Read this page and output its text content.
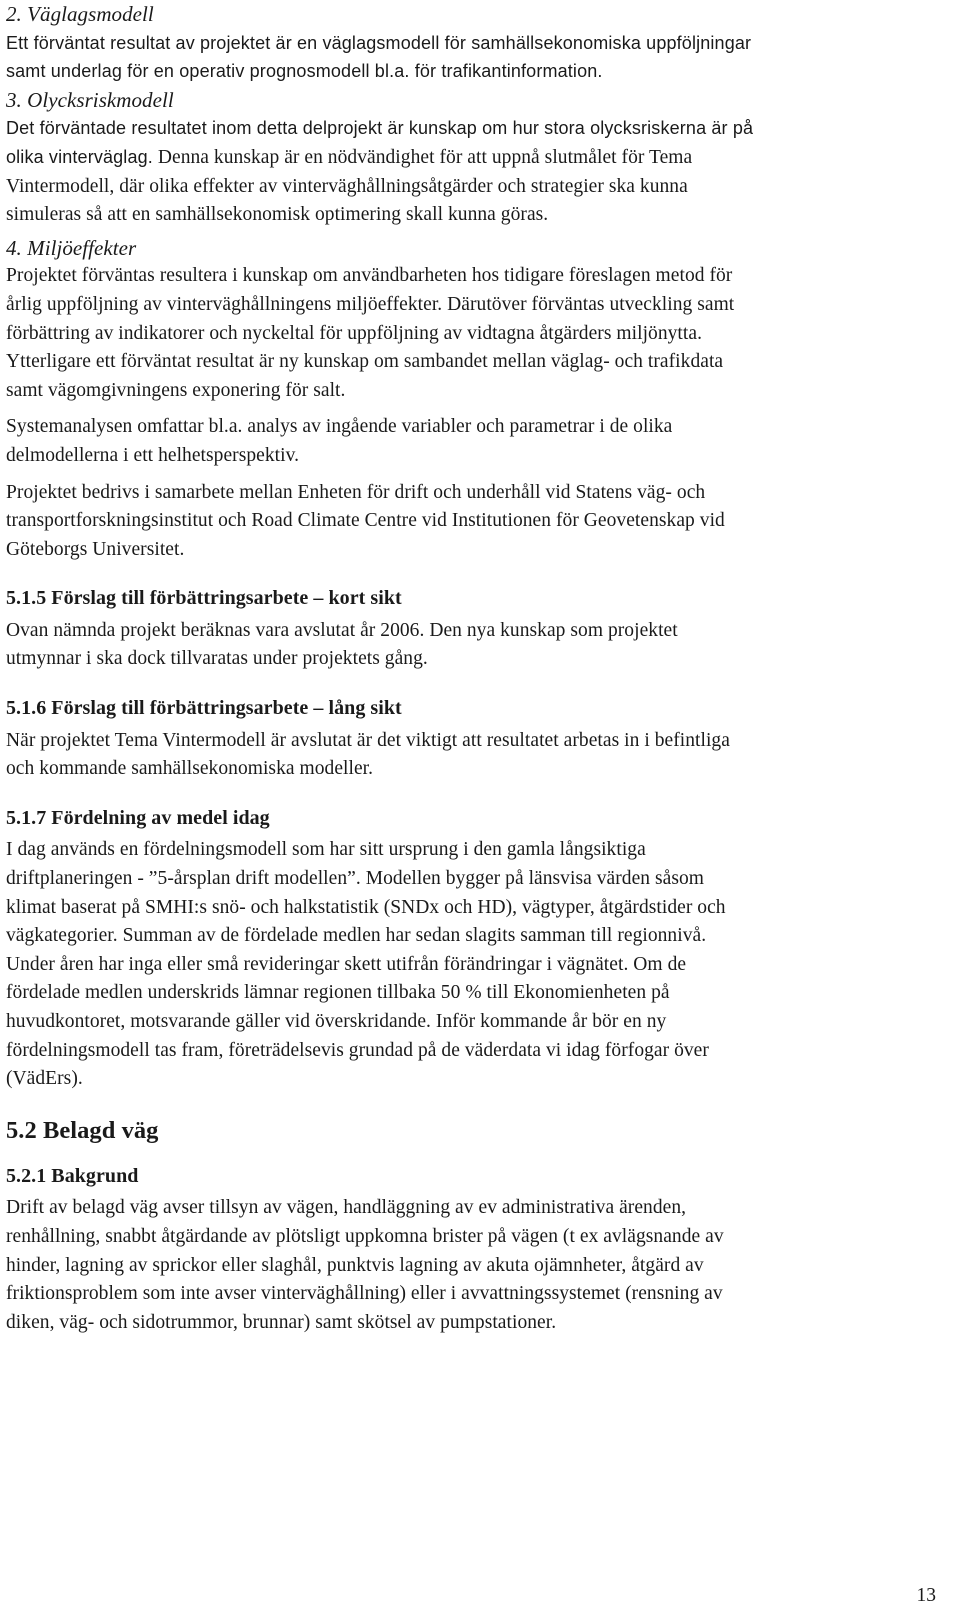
2. Väglagsmodell
Ett förväntat resultat av projektet är en väglagsmodell för samhällsekonomiska uppföljningar
samt underlag för en operativ prognosmodell bl.a. för trafikantinformation.
3. Olycksriskmodell
Det förväntade resultatet inom detta delprojekt är kunskap om hur stora olycksriskerna är på
olika vinterväglag. Denna kunskap är en nödvändighet för att uppnå slutmålet för Tema
Vintermodell, där olika effekter av vinterväghållningsåtgärder och strategier ska kunna
simuleras så att en samhällsekonomisk optimering skall kunna göras.
4. Miljöeffekter
Projektet förväntas resultera i kunskap om användbarheten hos tidigare föreslagen metod för
årlig uppföljning av vinterväghållningens miljöeffekter. Därutöver förväntas utveckling samt
förbättring av indikatorer och nyckeltal för uppföljning av vidtagna åtgärders miljönytta.
Ytterligare ett förväntat resultat är ny kunskap om sambandet mellan väglag- och trafikdata
samt vägomgivningens exponering för salt.
Systemanalysen omfattar bl.a. analys av ingående variabler och parametrar i de olika
delmodellerna i ett helhetsperspektiv.
Projektet bedrivs i samarbete mellan Enheten för drift och underhåll vid Statens väg- och
transportforskningsinstitut och Road Climate Centre vid Institutionen för Geovetenskap vid
Göteborgs Universitet.
5.1.5 Förslag till förbättringsarbete – kort sikt
Ovan nämnda projekt beräknas vara avslutat år 2006. Den nya kunskap som projektet
utmynnar i ska dock tillvaratas under projektets gång.
5.1.6 Förslag till förbättringsarbete – lång sikt
När projektet Tema Vintermodell är avslutat är det viktigt att resultatet arbetas in i befintliga
och kommande samhällsekonomiska modeller.
5.1.7 Fördelning av medel idag
I dag används en fördelningsmodell som har sitt ursprung i den gamla långsiktiga
driftplaneringen - ”5-årsplan drift modellen”. Modellen bygger på länsvisa värden såsom
klimat baserat på SMHI:s snö- och halkstatistik (SNDx och HD), vägtyper, åtgärdstider och
vägkategorier. Summan av de fördelade medlen har sedan slagits samman till regionnivå.
Under åren har inga eller små revideringar skett utifrån förändringar i vägnätet. Om de
fördelade medlen underskrids lämnar regionen tillbaka 50 % till Ekonomienheten på
huvudkontoret, motsvarande gäller vid överskridande. Inför kommande år bör en ny
fördelningsmodell tas fram, företrädelsevis grundad på de väderdata vi idag förfogar över
(VädErs).
5.2 Belagd väg
5.2.1 Bakgrund
Drift av belagd väg avser tillsyn av vägen, handläggning av ev administrativa ärenden,
renhållning, snabbt åtgärdande av plötsligt uppkomna brister på vägen (t ex avlägsnande av
hinder, lagning av sprickor eller slaghål, punktvis lagning av akuta ojämnheter, åtgärd av
friktionsproblem som inte avser vinterväghållning) eller i avvattningssystemet (rensning av
diken, väg- och sidotrummor, brunnar) samt skötsel av pumpstationer.
13
